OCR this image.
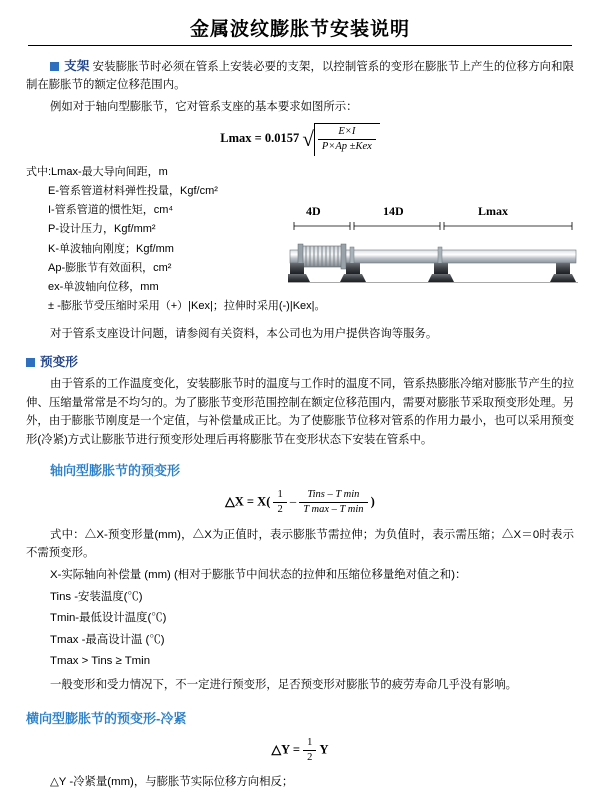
金属波纹膨胀节安装说明

支架 安装膨胀节时必须在管系上安装必要的支架，以控制管系的变形在膨胀节上产生的位移方向和限制在膨胀节的额定位移范围内。

例如对于轴向型膨胀节，它对管系支座的基本要求如图所示：

Lmax = 0.0157 √ $\frac{E\times I}{\text{P×Ap ±Kex}}$
式中:Lmax-最大导向间距，m
E-管系管道材料弹性投量，Kgf/cm²
I-管系管道的惯性矩，cm⁴
P-设计压力，Kgf/mm²
K-单波轴向刚度；Kgf/mm
Ap-膨胀节有效面积，cm²
ex-单波轴向位移，mm
± -膨胀节受压缩时采用（+）|Kex|；拉伸时采用(-)|Kex|。

对于管系支座设计问题，请参阅有关资料，本公司也为用户提供咨询等服务。

预变形

由于管系的工作温度变化，安装膨胀节时的温度与工作时的温度不同，管系热膨胀冷缩对膨胀节产生的拉伸、压缩量常常是不均匀的。为了膨胀节变形范围控制在额定位移范围内，需要对膨胀节采取预变形处理。另外，由于膨胀节刚度是一个定值，与补偿量成正比。为了使膨胀节位移对管系的作用力最小，也可以采用预变形(冷紧)方式让膨胀节进行预变形处理后再将膨胀节在变形状态下安装在管系中。

轴向型膨胀节的预变形

△X = $X( \frac{1}{2} - \frac{\text{Tins – T min}}{\text{T max – T min}}$ )

式中：△X-预变形量(mm)，△X为正值时，表示膨胀节需拉伸；为负值时，表示需压缩；△X＝0时表示不需预变形。

X-实际轴向补偿量 (mm) (相对于膨胀节中间状态的拉伸和压缩位移量绝对值之和)：
Tins -安装温度(℃)
Tmin-最低设计温度(℃)
Tmax -最高设计温 (℃)
Tmax > Tins ≥ Tmin

一般变形和受力情况下，不一定进行预变形，足否预变形对膨胀节的疲劳寿命几乎没有影响。

横向型膨胀节的预变形-冷紧

△Y = $\frac{1}{2}$ Y

△Y -冷紧量(mm)，与膨胀节实际位移方向相反；

4D	14D	Lmax
